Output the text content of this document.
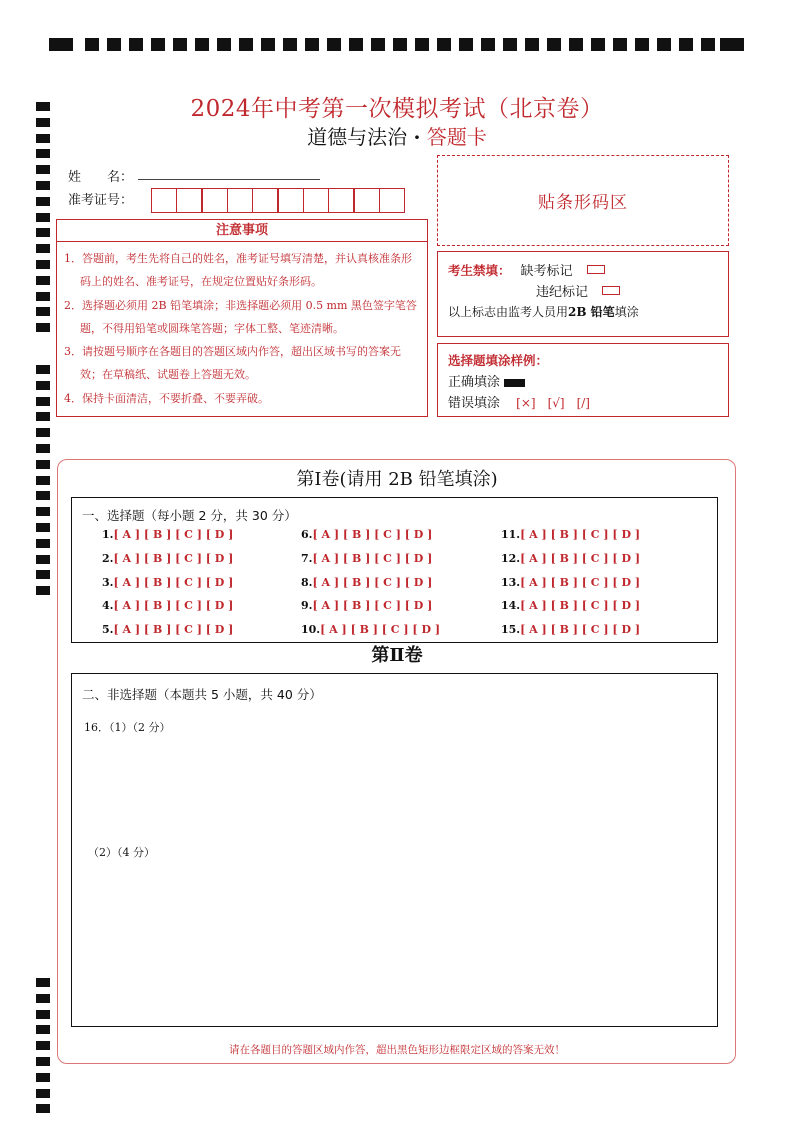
2024年中考第一次模拟考试（北京卷）
道德与法治 · 答题卡
姓　　名：
准考证号：	贴条形码区
注意事项
1．答题前，考生先将自己的姓名，准考证号填写清楚，并认真核准条形码上的姓名、准考证号，在规定位置贴好条形码。
2．选择题必须用 2B 铅笔填涂；非选择题必须用 0.5 mm 黑色签字笔答题，不得用铅笔或圆珠笔答题；字体工整、笔迹清晰。
3．请按题号顺序在各题目的答题区域内作答，超出区域书写的答案无效；在草稿纸、试题卷上答题无效。
4．保持卡面清洁，不要折叠、不要弄破。
考生禁填： 缺考标记
违纪标记
以上标志由监考人员用2B 铅笔填涂
选择题填涂样例：
正确填涂
错误填涂 [×]　[√]　[/]
第Ⅰ卷(请用 2B 铅笔填涂)
一、选择题（每小题 2 分，共 30 分）
1.[ A ] [ B ] [ C ] [ D ]
2.[ A ] [ B ] [ C ] [ D ]
3.[ A ] [ B ] [ C ] [ D ]
4.[ A ] [ B ] [ C ] [ D ]
5.[ A ] [ B ] [ C ] [ D ]
6.[ A ] [ B ] [ C ] [ D ]
7.[ A ] [ B ] [ C ] [ D ]
8.[ A ] [ B ] [ C ] [ D ]
9.[ A ] [ B ] [ C ] [ D ]
10.[ A ] [ B ] [ C ] [ D ]
11.[ A ] [ B ] [ C ] [ D ]
12.[ A ] [ B ] [ C ] [ D ]
13.[ A ] [ B ] [ C ] [ D ]
14.[ A ] [ B ] [ C ] [ D ]
15.[ A ] [ B ] [ C ] [ D ]
第Ⅱ卷
二、非选择题（本题共 5 小题，共 40 分）
16．（1）（2 分）
（2）（4 分）
请在各题目的答题区域内作答，超出黑色矩形边框限定区域的答案无效！
